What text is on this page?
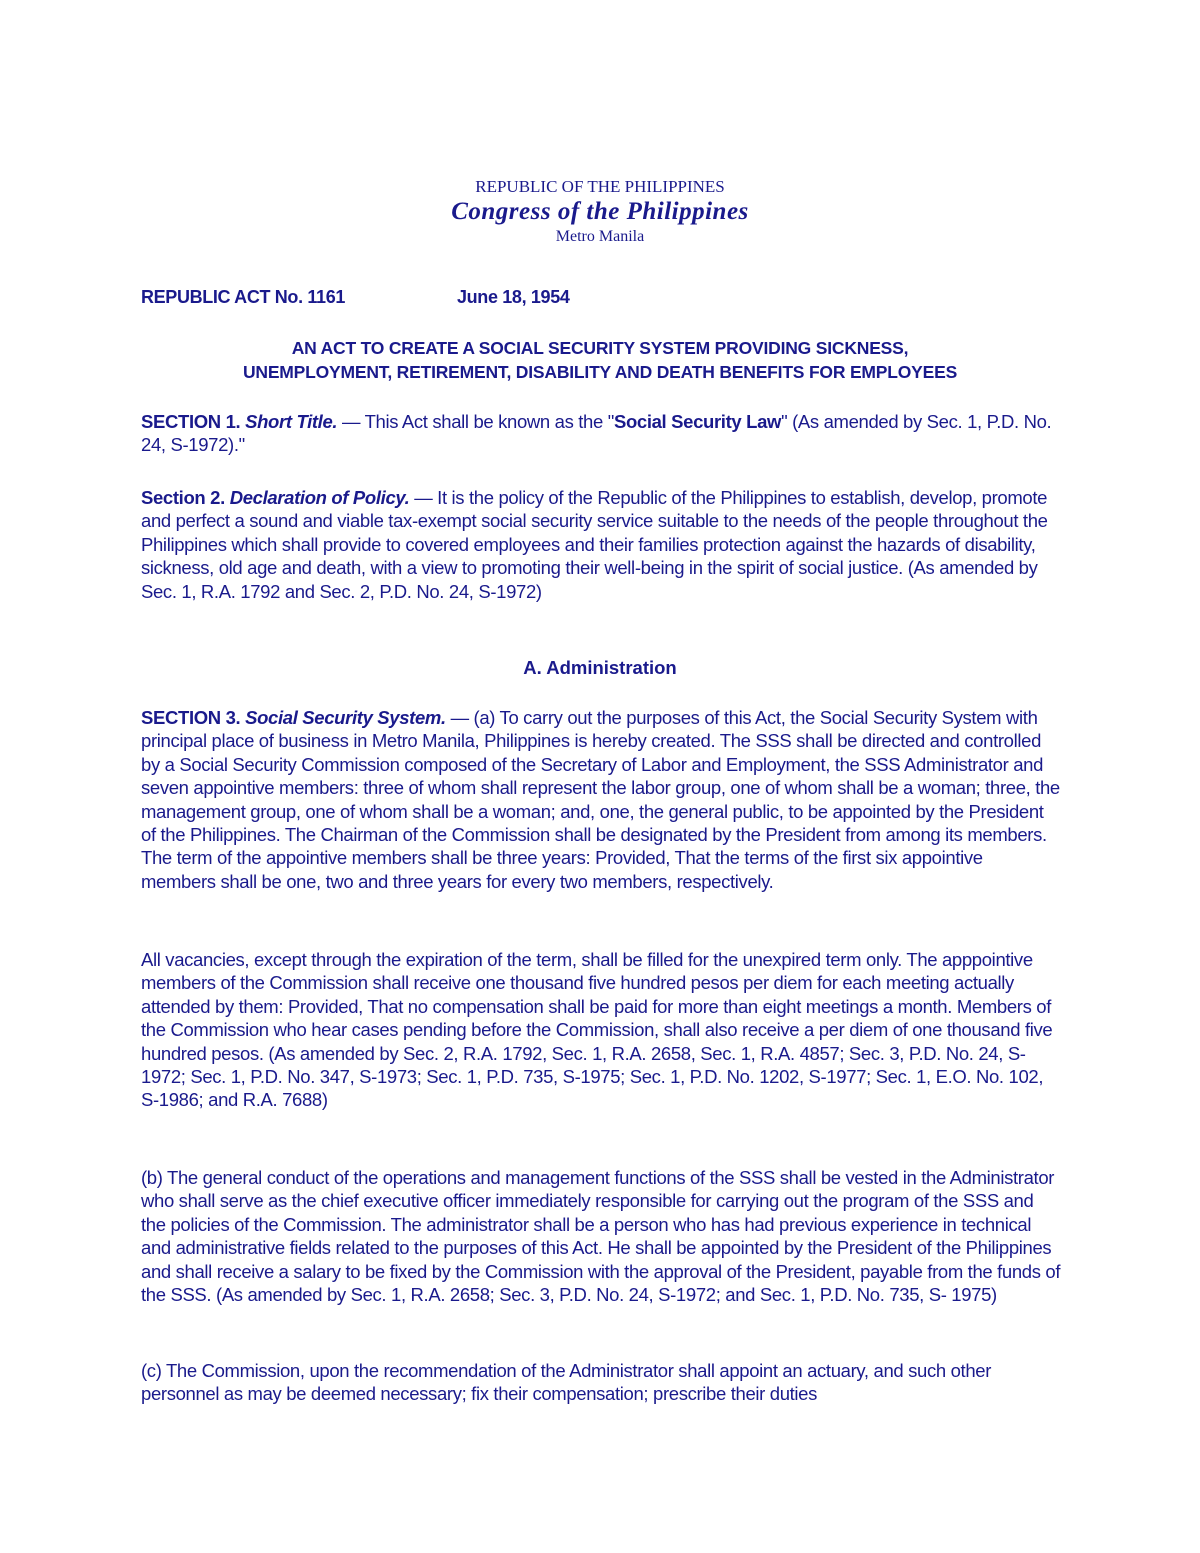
REPUBLIC OF THE PHILIPPINES
Congress of the Philippines
Metro Manila
REPUBLIC ACT No. 1161	June 18, 1954
AN ACT TO CREATE A SOCIAL SECURITY SYSTEM PROVIDING SICKNESS,
UNEMPLOYMENT, RETIREMENT, DISABILITY AND DEATH BENEFITS FOR EMPLOYEES
SECTION 1. Short Title. — This Act shall be known as the "Social Security Law" (As amended by Sec. 1, P.D. No. 24, S-1972)."
Section 2. Declaration of Policy. — It is the policy of the Republic of the Philippines to establish, develop, promote and perfect a sound and viable tax-exempt social security service suitable to the needs of the people throughout the Philippines which shall provide to covered employees and their families protection against the hazards of disability, sickness, old age and death, with a view to promoting their well-being in the spirit of social justice. (As amended by Sec. 1, R.A. 1792 and Sec. 2, P.D. No. 24, S-1972)
A. Administration
SECTION 3. Social Security System. — (a) To carry out the purposes of this Act, the Social Security System with principal place of business in Metro Manila, Philippines is hereby created. The SSS shall be directed and controlled by a Social Security Commission composed of the Secretary of Labor and Employment, the SSS Administrator and seven appointive members: three of whom shall represent the labor group, one of whom shall be a woman; three, the management group, one of whom shall be a woman; and, one, the general public, to be appointed by the President of the Philippines. The Chairman of the Commission shall be designated by the President from among its members. The term of the appointive members shall be three years: Provided, That the terms of the first six appointive members shall be one, two and three years for every two members, respectively.
All vacancies, except through the expiration of the term, shall be filled for the unexpired term only. The apppointive members of the Commission shall receive one thousand five hundred pesos per diem for each meeting actually attended by them: Provided, That no compensation shall be paid for more than eight meetings a month. Members of the Commission who hear cases pending before the Commission, shall also receive a per diem of one thousand five hundred pesos. (As amended by Sec. 2, R.A. 1792, Sec. 1, R.A. 2658, Sec. 1, R.A. 4857; Sec. 3, P.D. No. 24, S-1972; Sec. 1, P.D. No. 347, S-1973; Sec. 1, P.D. 735, S-1975; Sec. 1, P.D. No. 1202, S-1977; Sec. 1, E.O. No. 102, S-1986; and R.A. 7688)
(b) The general conduct of the operations and management functions of the SSS shall be vested in the Administrator who shall serve as the chief executive officer immediately responsible for carrying out the program of the SSS and the policies of the Commission. The administrator shall be a person who has had previous experience in technical and administrative fields related to the purposes of this Act. He shall be appointed by the President of the Philippines and shall receive a salary to be fixed by the Commission with the approval of the President, payable from the funds of the SSS. (As amended by Sec. 1, R.A. 2658; Sec. 3, P.D. No. 24, S-1972; and Sec. 1, P.D. No. 735, S- 1975)
(c) The Commission, upon the recommendation of the Administrator shall appoint an actuary, and such other personnel as may be deemed necessary; fix their compensation; prescribe their duties
